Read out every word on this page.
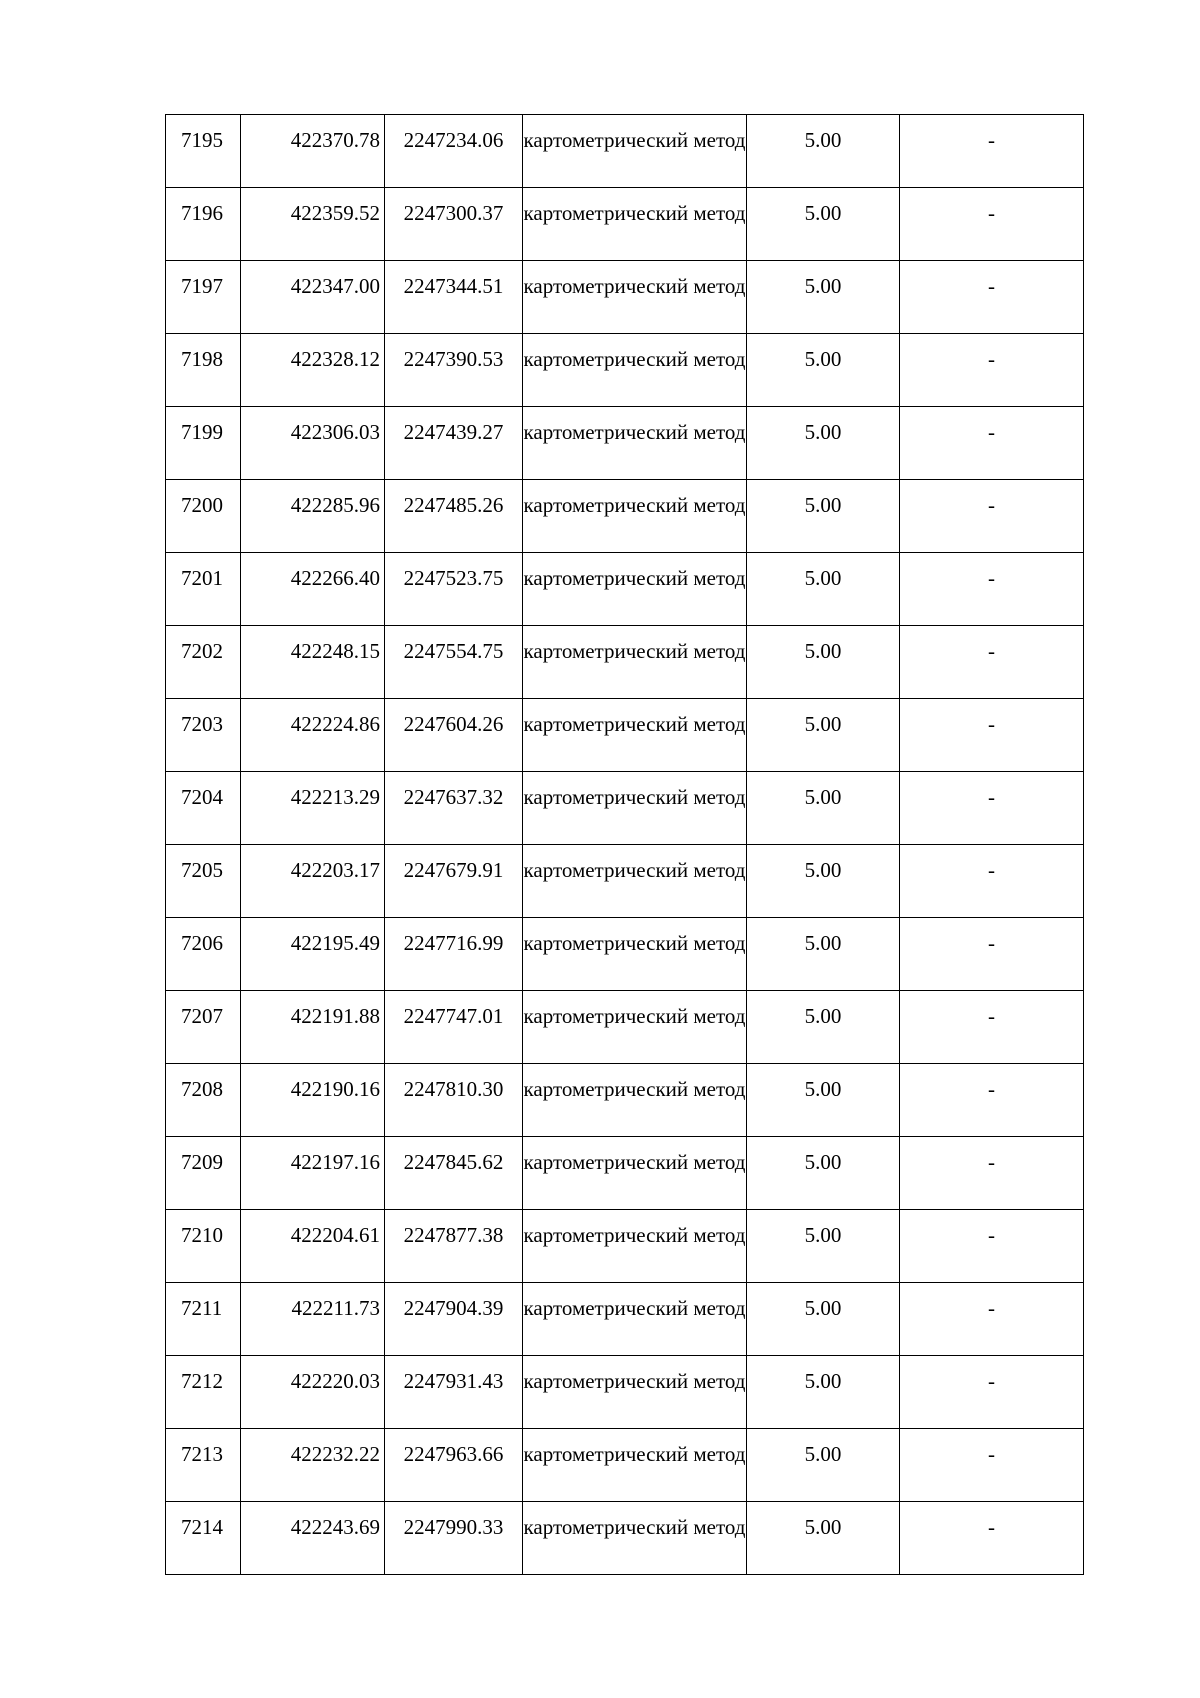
7195	422370.78	2247234.06	картометрический метод	5.00	-
7196	422359.52	2247300.37	картометрический метод	5.00	-
7197	422347.00	2247344.51	картометрический метод	5.00	-
7198	422328.12	2247390.53	картометрический метод	5.00	-
7199	422306.03	2247439.27	картометрический метод	5.00	-
7200	422285.96	2247485.26	картометрический метод	5.00	-
7201	422266.40	2247523.75	картометрический метод	5.00	-
7202	422248.15	2247554.75	картометрический метод	5.00	-
7203	422224.86	2247604.26	картометрический метод	5.00	-
7204	422213.29	2247637.32	картометрический метод	5.00	-
7205	422203.17	2247679.91	картометрический метод	5.00	-
7206	422195.49	2247716.99	картометрический метод	5.00	-
7207	422191.88	2247747.01	картометрический метод	5.00	-
7208	422190.16	2247810.30	картометрический метод	5.00	-
7209	422197.16	2247845.62	картометрический метод	5.00	-
7210	422204.61	2247877.38	картометрический метод	5.00	-
7211	422211.73	2247904.39	картометрический метод	5.00	-
7212	422220.03	2247931.43	картометрический метод	5.00	-
7213	422232.22	2247963.66	картометрический метод	5.00	-
7214	422243.69	2247990.33	картометрический метод	5.00	-
